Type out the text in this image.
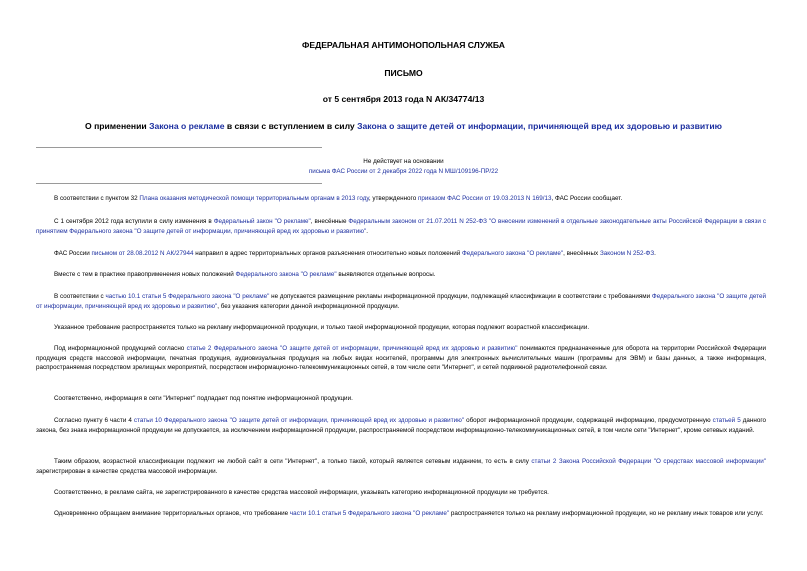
ФЕДЕРАЛЬНАЯ АНТИМОНОПОЛЬНАЯ СЛУЖБА
ПИСЬМО
от 5 сентября 2013 года N АК/34774/13
О применении Закона о рекламе в связи с вступлением в силу Закона о защите детей от информации, причиняющей вред их здоровью и развитию
Не действует на основании
письма ФАС России от 2 декабря 2022 года N МШ/109196-ПР/22
В соответствии с пунктом 32 Плана оказания методической помощи территориальным органам в 2013 году, утвержденного приказом ФАС России от 19.03.2013 N 169/13, ФАС России сообщает.
С 1 сентября 2012 года вступили в силу изменения в Федеральный закон "О рекламе", внесённые Федеральным законом от 21.07.2011 N 252-ФЗ "О внесении изменений в отдельные законодательные акты Российской Федерации в связи с принятием Федерального закона "О защите детей от информации, причиняющей вред их здоровью и развитию".
ФАС России письмом от 28.08.2012 N АК/27944 направил в адрес территориальных органов разъяснения относительно новых положений Федерального закона "О рекламе", внесённых Законом N 252-ФЗ.
Вместе с тем в практике правоприменения новых положений Федерального закона "О рекламе" выявляются отдельные вопросы.
В соответствии с частью 10.1 статьи 5 Федерального закона "О рекламе" не допускается размещение рекламы информационной продукции, подлежащей классификации в соответствии с требованиями Федерального закона "О защите детей от информации, причиняющей вред их здоровью и развитию", без указания категории данной информационной продукции.
Указанное требование распространяется только на рекламу информационной продукции, и только такой информационной продукции, которая подлежит возрастной классификации.
Под информационной продукцией согласно статье 2 Федерального закона "О защите детей от информации, причиняющей вред их здоровью и развитию" понимаются предназначенные для оборота на территории Российской Федерации продукция средств массовой информации, печатная продукция, аудиовизуальная продукция на любых видах носителей, программы для электронных вычислительных машин (программы для ЭВМ) и базы данных, а также информация, распространяемая посредством зрелищных мероприятий, посредством информационно-телекоммуникационных сетей, в том числе сети "Интернет", и сетей подвижной радиотелефонной связи.
Соответственно, информация в сети "Интернет" подпадает под понятие информационной продукции.
Согласно пункту 6 части 4 статьи 10 Федерального закона "О защите детей от информации, причиняющей вред их здоровью и развитию" оборот информационной продукции, содержащей информацию, предусмотренную статьей 5 данного закона, без знака информационной продукции не допускается, за исключением информационной продукции, распространяемой посредством информационно-телекоммуникационных сетей, в том числе сети "Интернет", кроме сетевых изданий.
Таким образом, возрастной классификации подлежит не любой сайт в сети "Интернет", а только такой, который является сетевым изданием, то есть в силу статьи 2 Закона Российской Федерации "О средствах массовой информации" зарегистрирован в качестве средства массовой информации.
Соответственно, в рекламе сайта, не зарегистрированного в качестве средства массовой информации, указывать категорию информационной продукции не требуется.
Одновременно обращаем внимание территориальных органов, что требование части 10.1 статьи 5 Федерального закона "О рекламе" распространяется только на рекламу информационной продукции, но не рекламу иных товаров или услуг.
